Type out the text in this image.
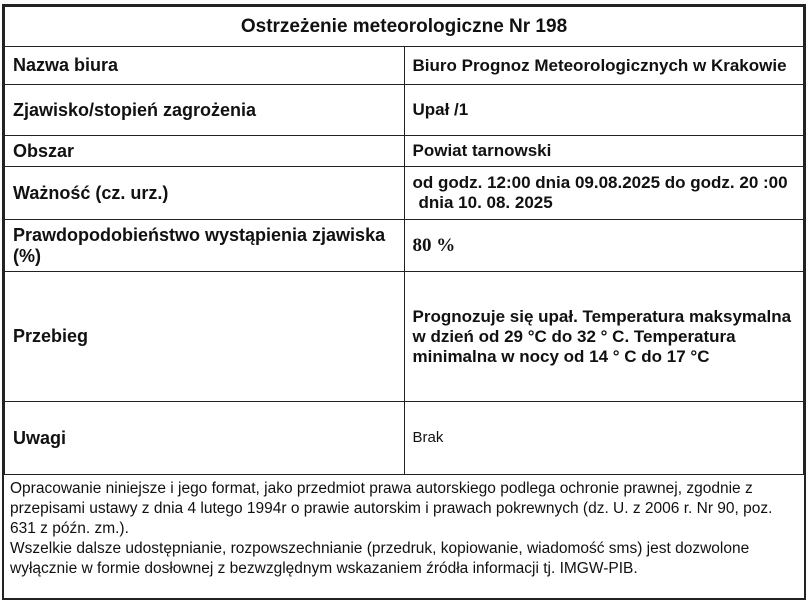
Ostrzeżenie meteorologiczne Nr 198	
Nazwa biura	Biuro Prognoz Meteorologicznych w Krakowie
Zjawisko/stopień zagrożenia	Upał /1
Obszar	Powiat tarnowski
Ważność (cz. urz.)	od godz. 12:00 dnia 09.08.2025 do godz. 20 :00
dnia 10. 08. 2025

Prawdopodobieństwo wystąpienia zjawiska (%)	80 %
Przebieg	Prognozuje się upał. Temperatura maksymalna w dzień od 29 °C do 32 ° C. Temperatura minimalna w nocy od 14 ° C do 17 °C
Uwagi	Brak

Opracowanie niniejsze i jego format, jako przedmiot prawa autorskiego podlega ochronie prawnej, zgodnie z przepisami ustawy z dnia 4 lutego 1994r o prawie autorskim i prawach pokrewnych (dz. U. z 2006 r. Nr 90, poz. 631 z późn. zm.).

Wszelkie dalsze udostępnianie, rozpowszechnianie (przedruk, kopiowanie, wiadomość sms) jest dozwolone wyłącznie w formie dosłownej z bezwzględnym wskazaniem źródła informacji tj. IMGW-PIB.
